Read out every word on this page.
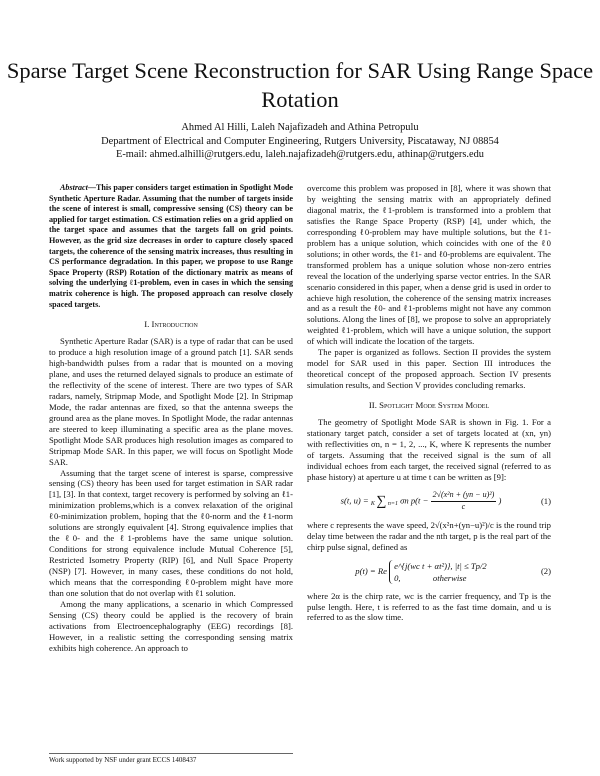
Sparse Target Scene Reconstruction for SAR Using Range Space Rotation
Ahmed Al Hilli, Laleh Najafizadeh and Athina Petropulu
Department of Electrical and Computer Engineering, Rutgers University, Piscataway, NJ 08854
E-mail: ahmed.alhilli@rutgers.edu, laleh.najafizadeh@rutgers.edu, athinap@rutgers.edu

Abstract—This paper considers target estimation in Spotlight Mode Synthetic Aperture Radar. Assuming that the number of targets inside the scene of interest is small, compressive sensing (CS) theory can be applied for target estimation. CS estimation relies on a grid applied on the target space and assumes that the targets fall on grid points. However, as the grid size decreases in order to capture closely spaced targets, the coherence of the sensing matrix increases, thus resulting in CS performance degradation. In this paper, we propose to use Range Space Property (RSP) Rotation of the dictionary matrix as means of solving the underlying ℓ1-problem, even in cases in which the sensing matrix coherence is high. The proposed approach can resolve closely spaced targets.

I. Introduction

Synthetic Aperture Radar (SAR) is a type of radar that can be used to produce a high resolution image of a ground patch [1]. SAR sends high-bandwidth pulses from a radar that is mounted on a moving plane, and uses the returned delayed signals to produce an estimate of the reflectivity of the scene of interest. There are two types of SAR radars, namely, Stripmap Mode, and Spotlight Mode [2]. In Stripmap Mode, the radar antennas are fixed, so that the antenna sweeps the ground area as the plane moves. In Spotlight Mode, the radar antennas are steered to keep illuminating a specific area as the plane moves. Spotlight Mode SAR produces high resolution images as compared to Stripmap Mode SAR. In this paper, we will focus on Spotlight Mode SAR.

Assuming that the target scene of interest is sparse, compressive sensing (CS) theory has been used for target estimation in SAR radar [1], [3]. In that context, target recovery is performed by solving an ℓ1-minimization problems,which is a convex relaxation of the original ℓ0-minimization problem, hoping that the ℓ0-norm and the ℓ1-norm solutions are strongly equivalent [4]. Strong equivalence implies that the ℓ0- and the ℓ1-problems have the same unique solution. Conditions for strong equivalence include Mutual Coherence [5], Restricted Isometry Property (RIP) [6], and Null Space Property (NSP) [7]. However, in many cases, these conditions do not hold, which means that the corresponding ℓ0-problem might have more than one solution that do not overlap with ℓ1 solution.

Among the many applications, a scenario in which Compressed Sensing (CS) theory could be applied is the recovery of brain activations from Electroencephalography (EEG) recordings [8]. However, in a realistic setting the corresponding sensing matrix exhibits high coherence. An approach to

overcome this problem was proposed in [8], where it was shown that by weighting the sensing matrix with an appropriately defined diagonal matrix, the ℓ1-problem is transformed into a problem that satisfies the Range Space Property (RSP) [4], under which, the corresponding ℓ0-problem may have multiple solutions, but the ℓ1-problem has a unique solution, which coincides with one of the ℓ0 solutions; in other words, the ℓ1- and ℓ0-problems are equivalent. The transformed problem has a unique solution whose non-zero entries reveal the location of the underlying sparse vector entries. In the SAR scenario considered in this paper, when a dense grid is used in order to achieve high resolution, the coherence of the sensing matrix increases and as a result the ℓ0- and ℓ1-problems might not have any common solutions. Along the lines of [8], we propose to solve an appropriately weighted ℓ1-problem, which will have a unique solution, the support of which will indicate the location of the targets.

The paper is organized as follows. Section II provides the system model for SAR used in this paper. Section III introduces the theoretical concept of the proposed approach. Section IV presents simulation results, and Section V provides concluding remarks.

II. Spotlight Mode System Model

The geometry of Spotlight Mode SAR is shown in Fig. 1. For a stationary target patch, consider a set of targets located at (xn, yn) with reflectivities σn, n = 1, 2, ..., K, where K represents the number of targets. Assuming that the received signal is the sum of all individual echoes from each target, the received signal (referred to as phase history) at aperture u at time t can be written as [9]:

s(t, u) = K ∑ n=1 σn $p(t - \frac{\text{2√(x²n + (yn − u)²)}}{c}$ )	(1)

where c represents the wave speed, 2√(x²n+(yn−u)²)/c is the round trip delay time between the radar and the nth target, p is the real part of the chirp pulse signal, defined as

p(t) = Re e^{j(wc t + αt²)}, |t| ≤ Tp/2
0,               otherwise
(2)

where 2α is the chirp rate, wc is the carrier frequency, and Tp is the pulse length. Here, t is referred to as the fast time domain, and u is referred to as the slow time.

Work supported by NSF under grant ECCS 1408437
